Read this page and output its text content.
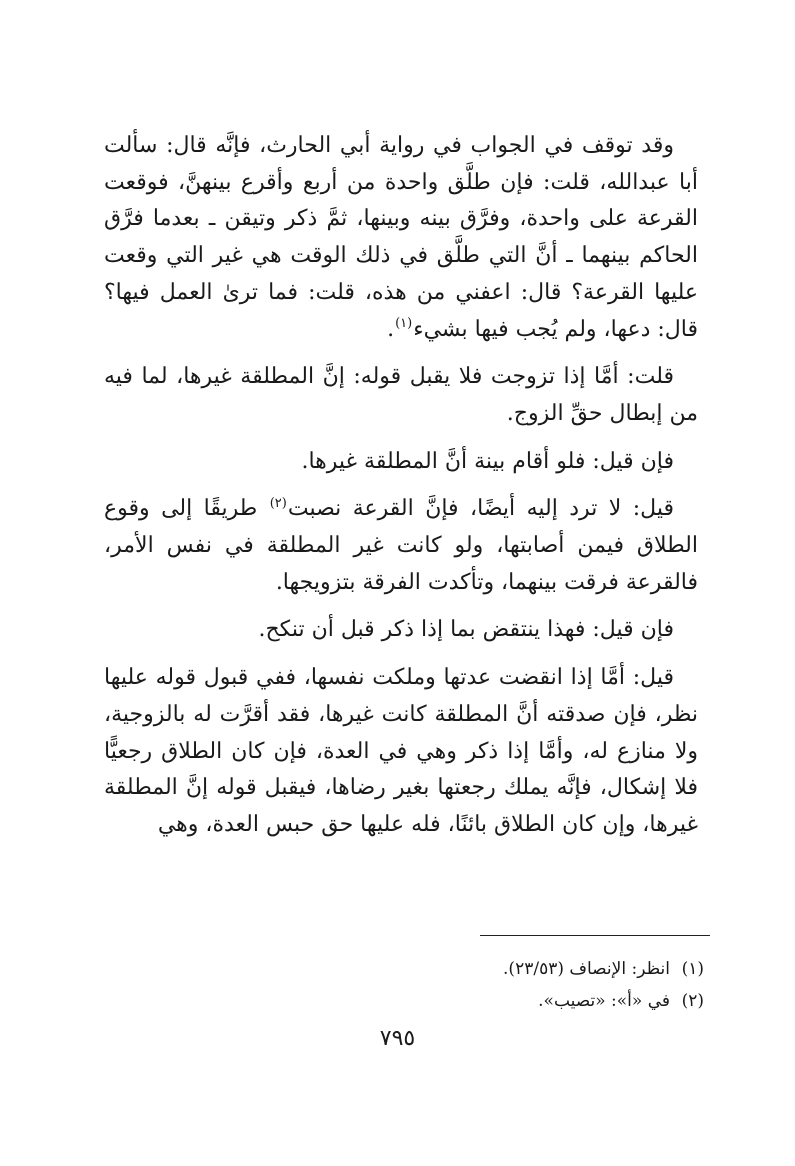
وقد توقف في الجواب في رواية أبي الحارث، فإنَّه قال: سألت أبا عبدالله، قلت: فإن طلَّق واحدة من أربع وأقرع بينهنَّ، فوقعت القرعة على واحدة، وفرَّق بينه وبينها، ثمَّ ذكر وتيقن ـ بعدما فرَّق الحاكم بينهما ـ أنَّ التي طلَّق في ذلك الوقت هي غير التي وقعت عليها القرعة؟ قال: اعفني من هذه، قلت: فما ترىٰ العمل فيها؟ قال: دعها، ولم يُجب فيها بشيء$^{(١)}$.

قلت: أمَّا إذا تزوجت فلا يقبل قوله: إنَّ المطلقة غيرها، لما فيه من إبطال حقِّ الزوج.

فإن قيل: فلو أقام بينة أنَّ المطلقة غيرها.

قيل: لا ترد إليه أيضًا، فإنَّ القرعة نصبت$^{(٢)}$ طريقًا إلى وقوع الطلاق فيمن أصابتها، ولو كانت غير المطلقة في نفس الأمر، فالقرعة فرقت بينهما، وتأكدت الفرقة بتزويجها.

فإن قيل: فهذا ينتقض بما إذا ذكر قبل أن تنكح.

قيل: أمَّا إذا انقضت عدتها وملكت نفسها، ففي قبول قوله عليها نظر، فإن صدقته أنَّ المطلقة كانت غيرها، فقد أقرَّت له بالزوجية، ولا منازع له، وأمَّا إذا ذكر وهي في العدة، فإن كان الطلاق رجعيًّا فلا إشكال، فإنَّه يملك رجعتها بغير رضاها، فيقبل قوله إنَّ المطلقة غيرها، وإن كان الطلاق بائنًا، فله عليها حق حبس العدة، وهي

(١)انظر: الإنصاف (٢٣/٥٣).

(٢)في «أ»: «تصيب».

٧٩٥
